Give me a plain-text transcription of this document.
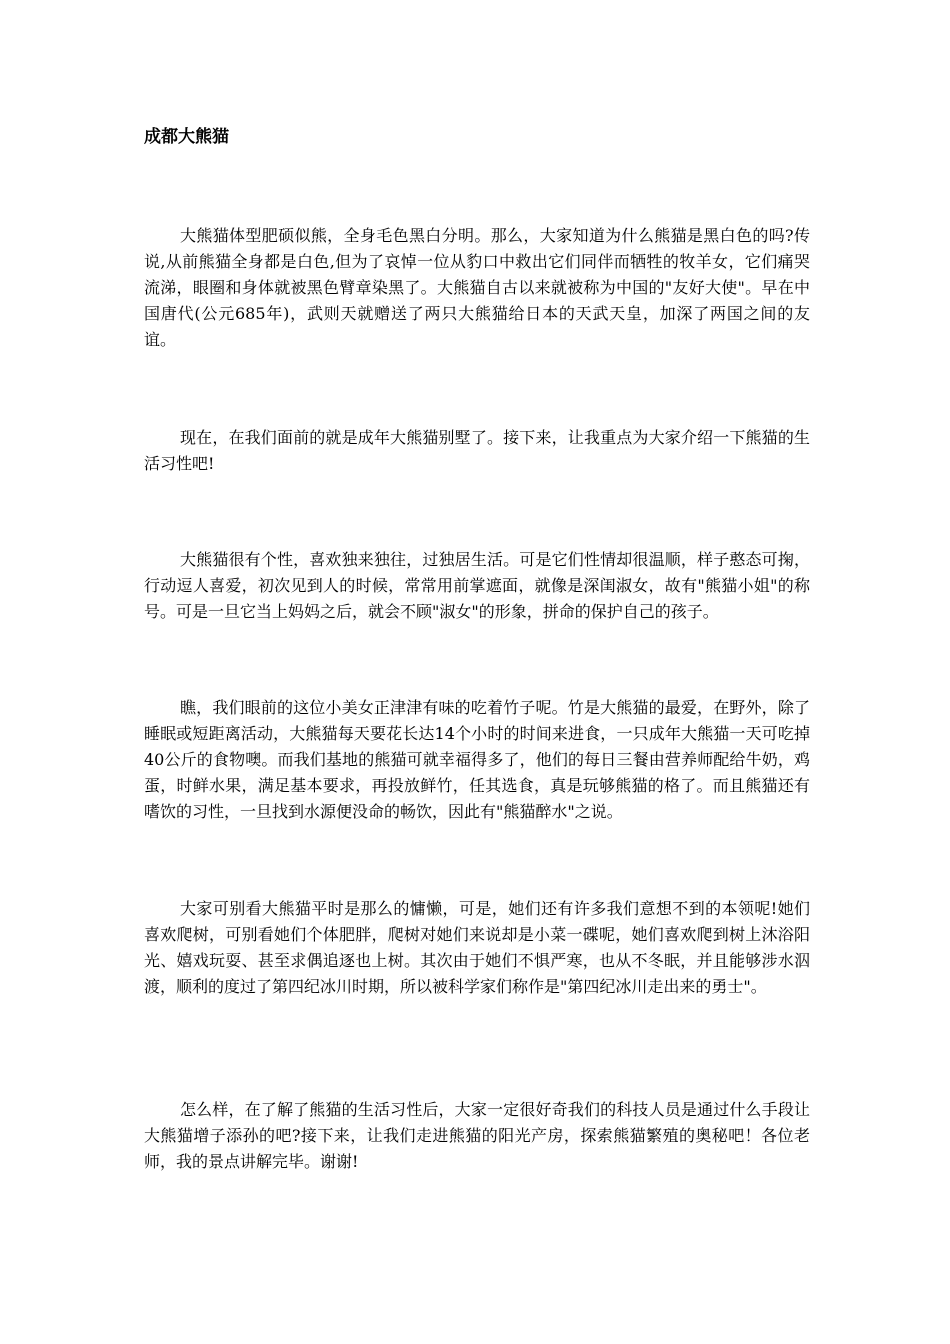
成都大熊猫

大熊猫体型肥硕似熊，全身毛色黑白分明。那么，大家知道为什么熊猫是黑白色的吗?传说,从前熊猫全身都是白色,但为了哀悼一位从豹口中救出它们同伴而牺牲的牧羊女，它们痛哭流涕，眼圈和身体就被黑色臂章染黑了。大熊猫自古以来就被称为中国的"友好大使"。早在中国唐代(公元685年)，武则天就赠送了两只大熊猫给日本的天武天皇，加深了两国之间的友谊。

现在，在我们面前的就是成年大熊猫别墅了。接下来，让我重点为大家介绍一下熊猫的生活习性吧!

大熊猫很有个性，喜欢独来独往，过独居生活。可是它们性情却很温顺，样子憨态可掬，行动逗人喜爱，初次见到人的时候，常常用前掌遮面，就像是深闺淑女，故有"熊猫小姐"的称号。可是一旦它当上妈妈之后，就会不顾"淑女"的形象，拼命的保护自己的孩子。

瞧，我们眼前的这位小美女正津津有味的吃着竹子呢。竹是大熊猫的最爱，在野外，除了睡眠或短距离活动，大熊猫每天要花长达14个小时的时间来进食，一只成年大熊猫一天可吃掉40公斤的食物噢。而我们基地的熊猫可就幸福得多了，他们的每日三餐由营养师配给牛奶，鸡蛋，时鲜水果，满足基本要求，再投放鲜竹，任其选食，真是玩够熊猫的格了。而且熊猫还有嗜饮的习性，一旦找到水源便没命的畅饮，因此有"熊猫醉水"之说。

大家可别看大熊猫平时是那么的慵懒，可是，她们还有许多我们意想不到的本领呢!她们喜欢爬树，可别看她们个体肥胖，爬树对她们来说却是小菜一碟呢，她们喜欢爬到树上沐浴阳光、嬉戏玩耍、甚至求偶追逐也上树。其次由于她们不惧严寒，也从不冬眠，并且能够涉水泅渡，顺利的度过了第四纪冰川时期，所以被科学家们称作是"第四纪冰川走出来的勇士"。

怎么样，在了解了熊猫的生活习性后，大家一定很好奇我们的科技人员是通过什么手段让大熊猫增子添孙的吧?接下来，让我们走进熊猫的阳光产房，探索熊猫繁殖的奥秘吧！各位老师，我的景点讲解完毕。谢谢!
